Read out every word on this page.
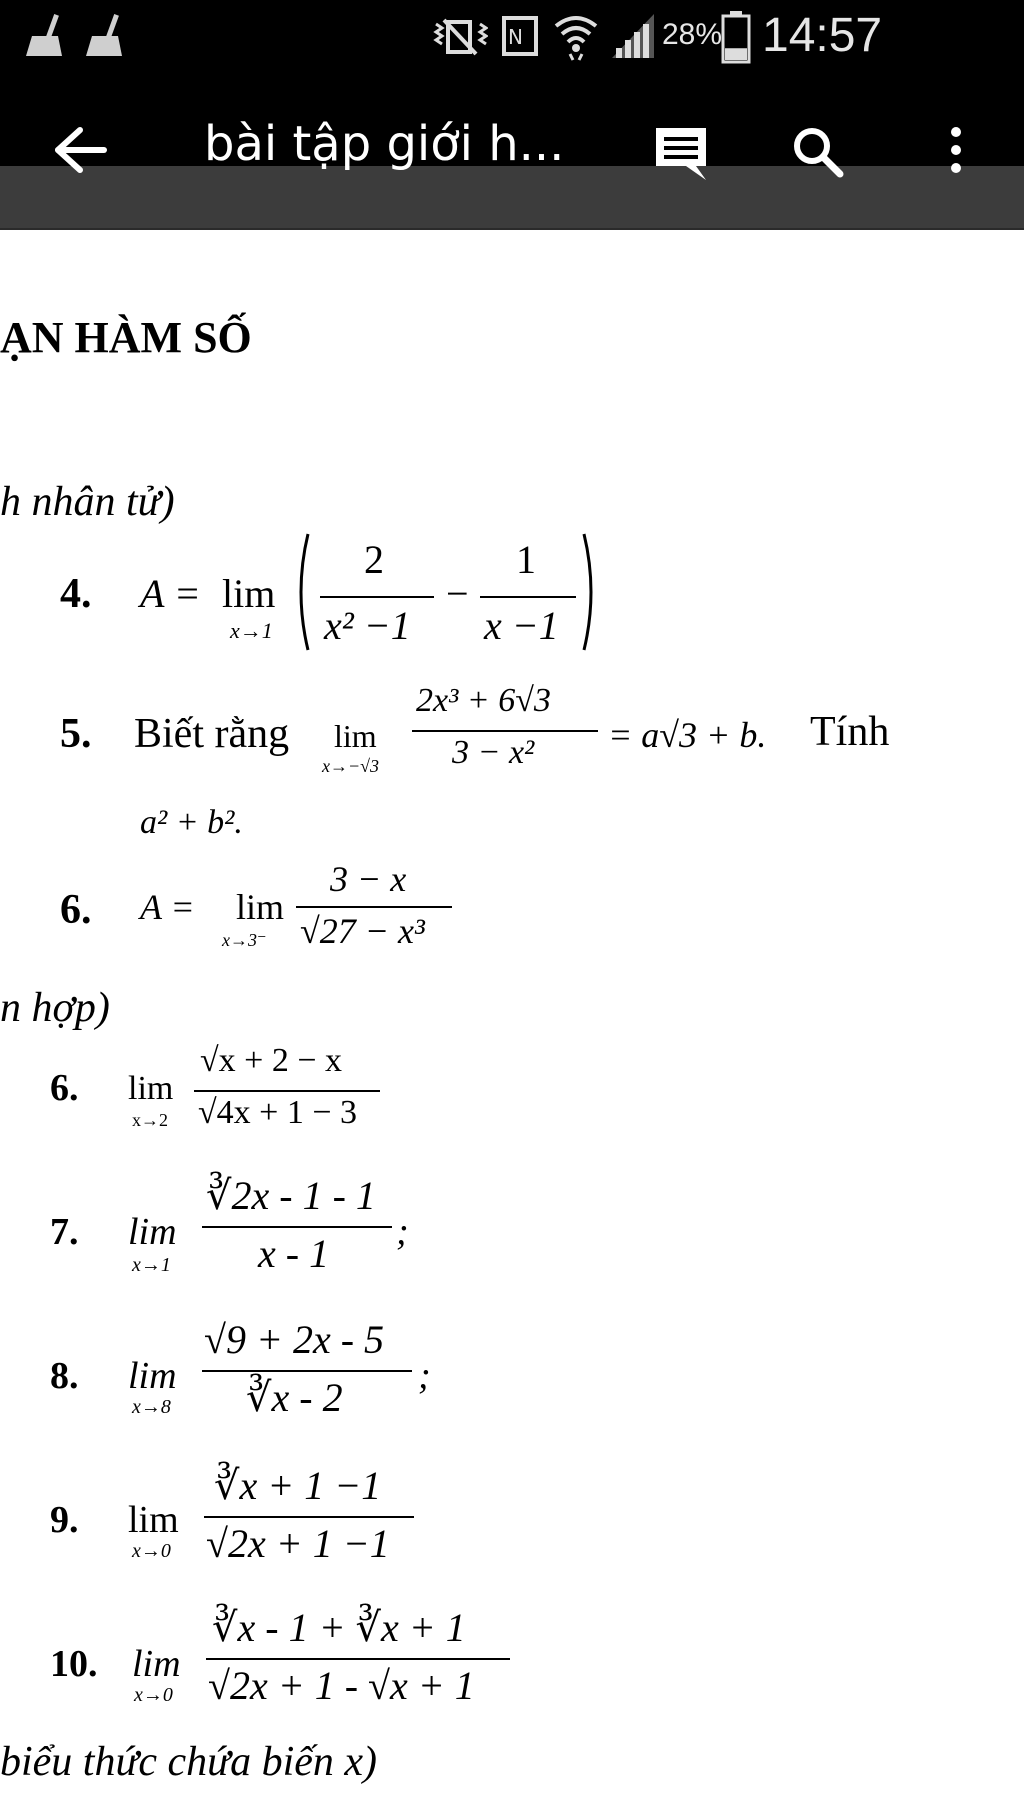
N	28% 14:57
bài tập giới h...
ẠN HÀM SỐ
h nhân tử)
4. A = lim
x→1
2
x² −1
−
1
x −1
5. Biết rằng lim
x→−√3
2x³ + 6√3
3 − x² = a√3 + b. Tính
a² + b².
6. A = lim
x→3⁻
3 − x
√27 − x³
n hợp)
6. lim
x→2
√x + 2 − x
√4x + 1 − 3
7. lim
x→1
∛2x - 1 - 1
x - 1 ;
8. lim
x→8
√9 + 2x - 5
∛x - 2 ;
9. lim
x→0
∛x + 1 −1
√2x + 1 −1
10. lim
x→0
∛x - 1 + ∛x + 1
√2x + 1 - √x + 1
biểu thức chứa biến x)
